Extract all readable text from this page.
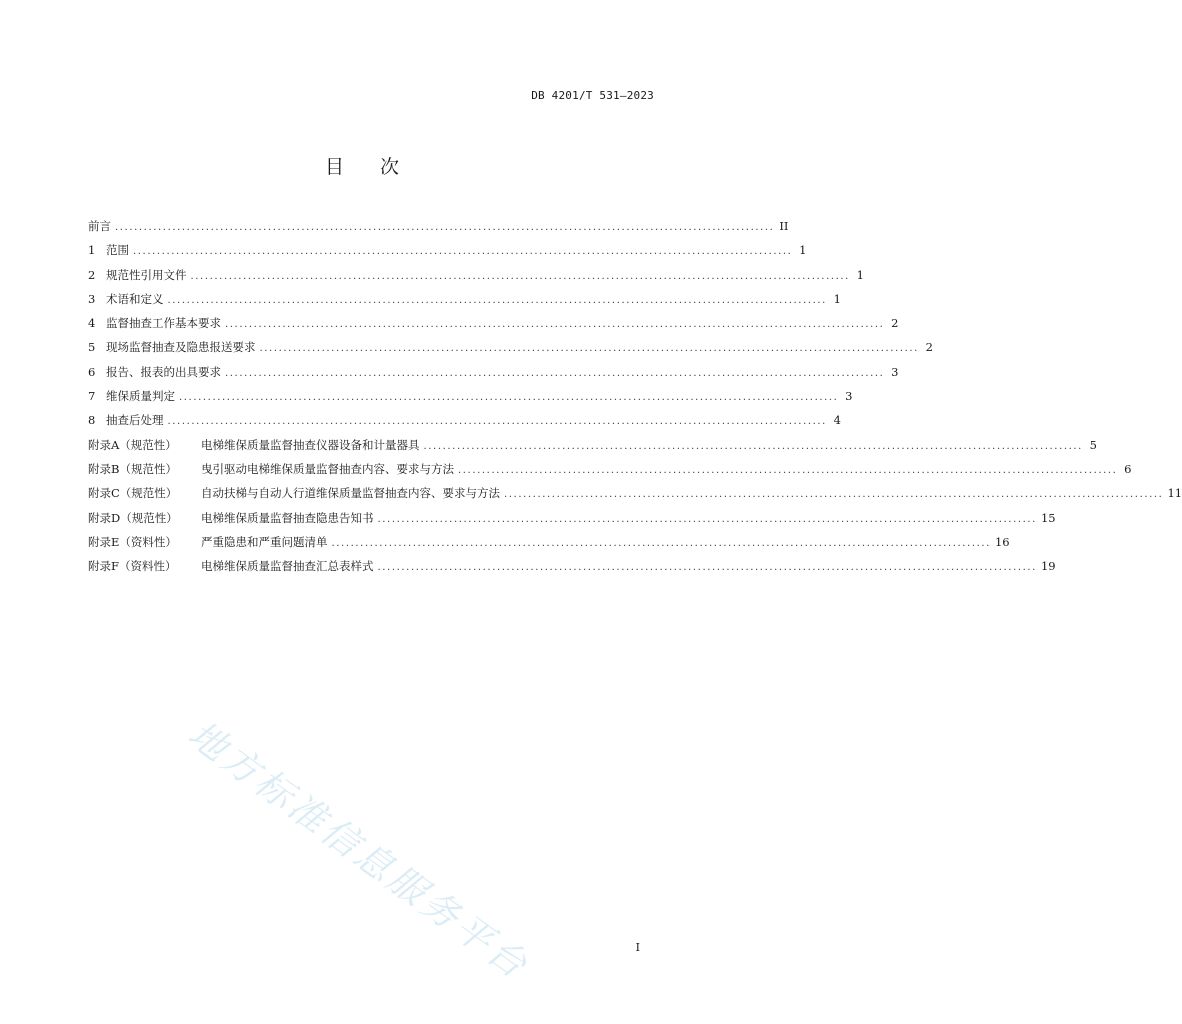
DB 4201/T 531—2023
目次
前言 .......................................................................................................................................... II
1 范围 .......................................................................................................................................... 1
2 规范性引用文件 .......................................................................................................................................... 1
3 术语和定义 .......................................................................................................................................... 1
4 监督抽查工作基本要求 .......................................................................................................................................... 2
5 现场监督抽查及隐患报送要求 .......................................................................................................................................... 2
6 报告、报表的出具要求 .......................................................................................................................................... 3
7 维保质量判定 .......................................................................................................................................... 3
8 抽查后处理 .......................................................................................................................................... 4
附录A（规范性）	电梯维保质量监督抽查仪器设备和计量器具 .......................................................................................................................................... 5
附录B（规范性）	曳引驱动电梯维保质量监督抽查内容、要求与方法 .......................................................................................................................................... 6
附录C（规范性）	自动扶梯与自动人行道维保质量监督抽查内容、要求与方法 .......................................................................................................................................... 11
附录D（规范性）	电梯维保质量监督抽查隐患告知书 .......................................................................................................................................... 15
附录E（资料性）	严重隐患和严重问题清单 .......................................................................................................................................... 16
附录F（资料性）	电梯维保质量监督抽查汇总表样式 .......................................................................................................................................... 19
地方标准信息服务平台	I
